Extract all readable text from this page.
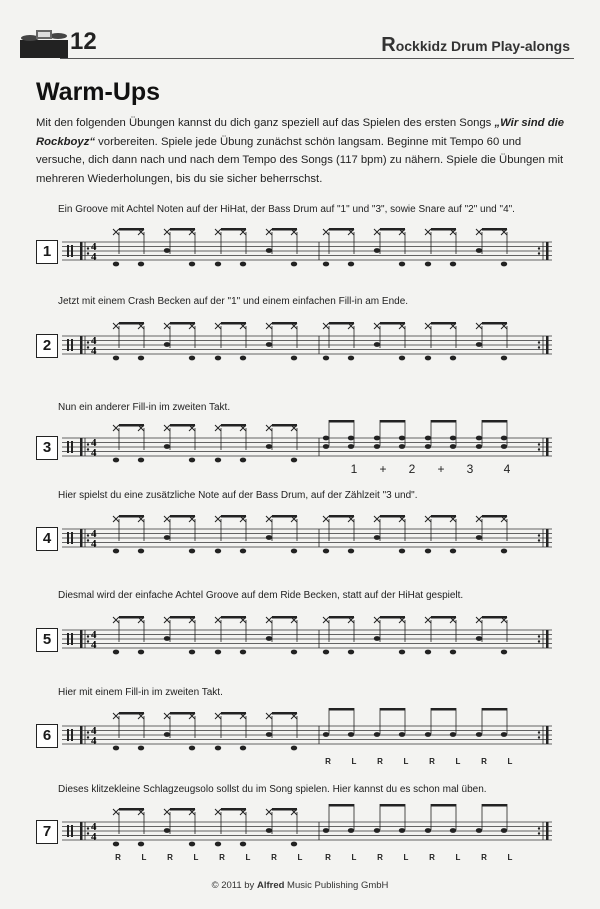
12	Rockkidz Drum Play-alongs
Warm-Ups

Mit den folgenden Übungen kannst du dich ganz speziell auf das Spielen des ersten Songs „Wir sind die Rockboyz“ vorbereiten. Spiele jede Übung zunächst schön langsam. Beginne mit Tempo 60 und versuche, dich dann nach und nach dem Tempo des Songs (117 bpm) zu nähern. Spiele die Übungen mit mehreren Wiederholungen, bis du sie sicher beherrschst.

Ein Groove mit Achtel Noten auf der HiHat, der Bass Drum auf "1" und "3", sowie Snare auf "2" und "4".
1	4
4
Jetzt mit einem Crash Becken auf der "1" und einem einfachen Fill-in am Ende.
2	4
4
Nun ein anderer Fill-in im zweiten Takt.
3	4
4
1	+	2	+	3	4
Hier spielst du eine zusätzliche Note auf der Bass Drum, auf der Zählzeit "3 und".
4	4
4
Diesmal wird der einfache Achtel Groove auf dem Ride Becken, statt auf der HiHat gespielt.
5	4
4
Hier mit einem Fill-in im zweiten Takt.
6	4
4
R	L	R	L	R	L	R	L
Dieses klitzekleine Schlagzeugsolo sollst du im Song spielen. Hier kannst du es schon mal üben.
7	4
4
R	L	R	L	R	L	R	L	R	L	R	L	R	L	R	L
© 2011 by Alfred Music Publishing GmbH
